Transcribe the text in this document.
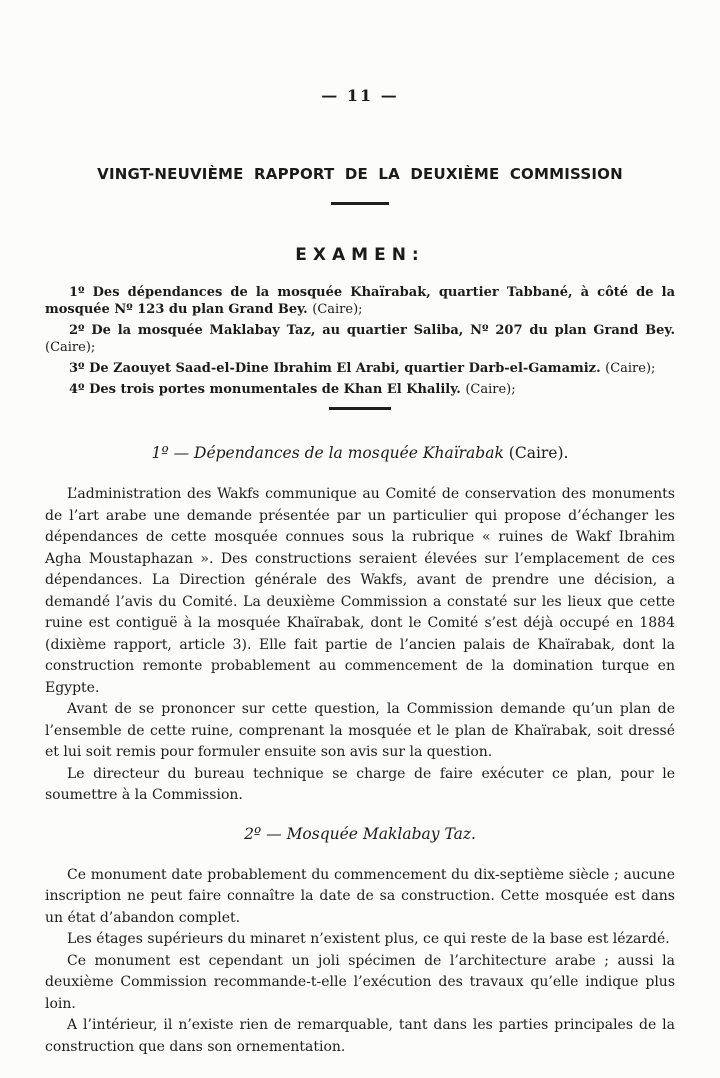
— 11 —
VINGT-NEUVIÈME RAPPORT DE LA DEUXIÈME COMMISSION
EXAMEN:

1º Des dépendances de la mosquée Khaïrabak, quartier Tabbané, à côté de la mosquée Nº 123 du plan Grand Bey. (Caire);

2º De la mosquée Maklabay Taz, au quartier Saliba, Nº 207 du plan Grand Bey. (Caire);

3º De Zaouyet Saad-el-Dine Ibrahim El Arabi, quartier Darb-el-Gamamiz. (Caire);

4º Des trois portes monumentales de Khan El Khalily. (Caire);

1º — Dépendances de la mosquée Khaïrabak (Caire).

L’administration des Wakfs communique au Comité de conservation des monuments de l’art arabe une demande présentée par un particulier qui propose d’échanger les dépendances de cette mosquée connues sous la rubrique « ruines de Wakf Ibrahim Agha Moustaphazan ». Des constructions seraient élevées sur l’emplacement de ces dépendances. La Direction générale des Wakfs, avant de prendre une décision, a demandé l’avis du Comité. La deuxième Commission a constaté sur les lieux que cette ruine est contiguë à la mosquée Khaïrabak, dont le Comité s’est déjà occupé en 1884 (dixième rapport, article 3). Elle fait partie de l’ancien palais de Khaïrabak, dont la construction remonte probablement au commencement de la domination turque en Egypte.

Avant de se prononcer sur cette question, la Commission demande qu’un plan de l’ensemble de cette ruine, comprenant la mosquée et le plan de Khaïrabak, soit dressé et lui soit remis pour formuler ensuite son avis sur la question.

Le directeur du bureau technique se charge de faire exécuter ce plan, pour le soumettre à la Commission.

2º — Mosquée Maklabay Taz.

Ce monument date probablement du commencement du dix-septième siècle ; aucune inscription ne peut faire connaître la date de sa construction. Cette mosquée est dans un état d’abandon complet.

Les étages supérieurs du minaret n’existent plus, ce qui reste de la base est lézardé.

Ce monument est cependant un joli spécimen de l’architecture arabe ; aussi la deuxième Commission recommande-t-elle l’exécution des travaux qu’elle indique plus loin.

A l’intérieur, il n’existe rien de remarquable, tant dans les parties principales de la construction que dans son ornementation.
